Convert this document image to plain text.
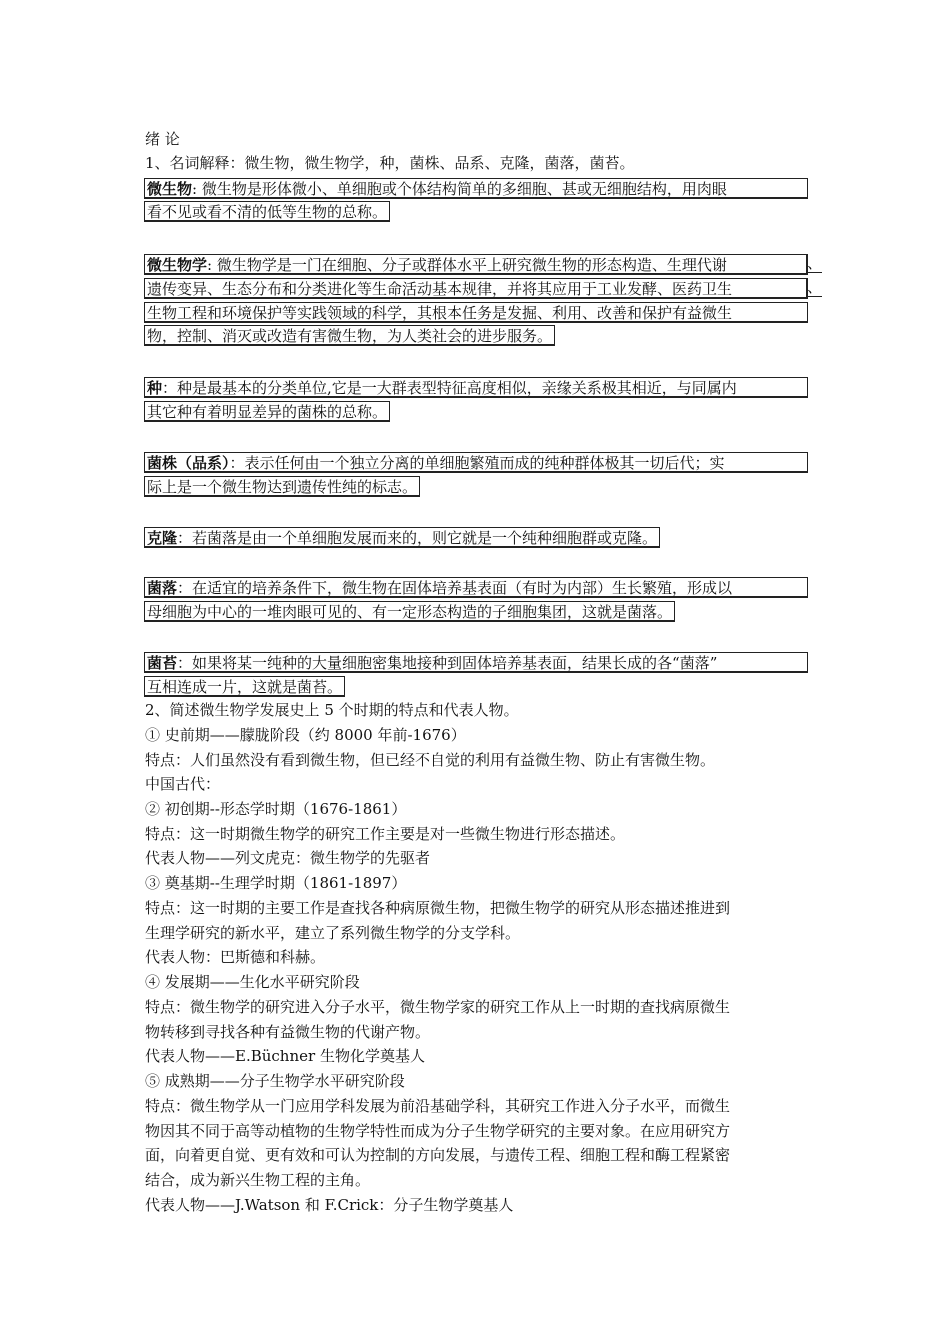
绪 论
1、名词解释：微生物，微生物学，种，菌株、品系、克隆，菌落，菌苔。
微生物: 微生物是形体微小、单细胞或个体结构简单的多细胞、甚或无细胞结构，用肉眼
看不见或看不清的低等生物的总称。
微生物学: 微生物学是一门在细胞、分子或群体水平上研究微生物的形态构造、生理代谢	、
遗传变异、生态分布和分类进化等生命活动基本规律，并将其应用于工业发酵、医药卫生	、
生物工程和环境保护等实践领域的科学，其根本任务是发掘、利用、改善和保护有益微生
物，控制、消灭或改造有害微生物，为人类社会的进步服务。
种：种是最基本的分类单位,它是一大群表型特征高度相似，亲缘关系极其相近，与同属内
其它种有着明显差异的菌株的总称。
菌株（品系）：表示任何由一个独立分离的单细胞繁殖而成的纯种群体极其一切后代；实
际上是一个微生物达到遗传性纯的标志。
克隆：若菌落是由一个单细胞发展而来的，则它就是一个纯种细胞群或克隆。
菌落：在适宜的培养条件下，微生物在固体培养基表面（有时为内部）生长繁殖，形成以
母细胞为中心的一堆肉眼可见的、有一定形态构造的子细胞集团，这就是菌落。
菌苔：如果将某一纯种的大量细胞密集地接种到固体培养基表面，结果长成的各“菌落”
互相连成一片，这就是菌苔。
2、简述微生物学发展史上 5 个时期的特点和代表人物。
① 史前期——朦胧阶段（约 8000 年前-1676）
特点：人们虽然没有看到微生物，但已经不自觉的利用有益微生物、防止有害微生物。
中国古代：
② 初创期--形态学时期（1676-1861）
特点：这一时期微生物学的研究工作主要是对一些微生物进行形态描述。
代表人物——列文虎克：微生物学的先驱者
③ 奠基期--生理学时期（1861-1897）
特点：这一时期的主要工作是查找各种病原微生物，把微生物学的研究从形态描述推进到
生理学研究的新水平，建立了系列微生物学的分支学科。
代表人物：巴斯德和科赫。
④ 发展期——生化水平研究阶段
特点：微生物学的研究进入分子水平，微生物学家的研究工作从上一时期的查找病原微生
物转移到寻找各种有益微生物的代谢产物。
代表人物——E.Büchner 生物化学奠基人
⑤ 成熟期——分子生物学水平研究阶段
特点：微生物学从一门应用学科发展为前沿基础学科，其研究工作进入分子水平，而微生
物因其不同于高等动植物的生物学特性而成为分子生物学研究的主要对象。在应用研究方
面，向着更自觉、更有效和可认为控制的方向发展，与遗传工程、细胞工程和酶工程紧密
结合，成为新兴生物工程的主角。
代表人物——J.Watson 和 F.Crick：分子生物学奠基人
